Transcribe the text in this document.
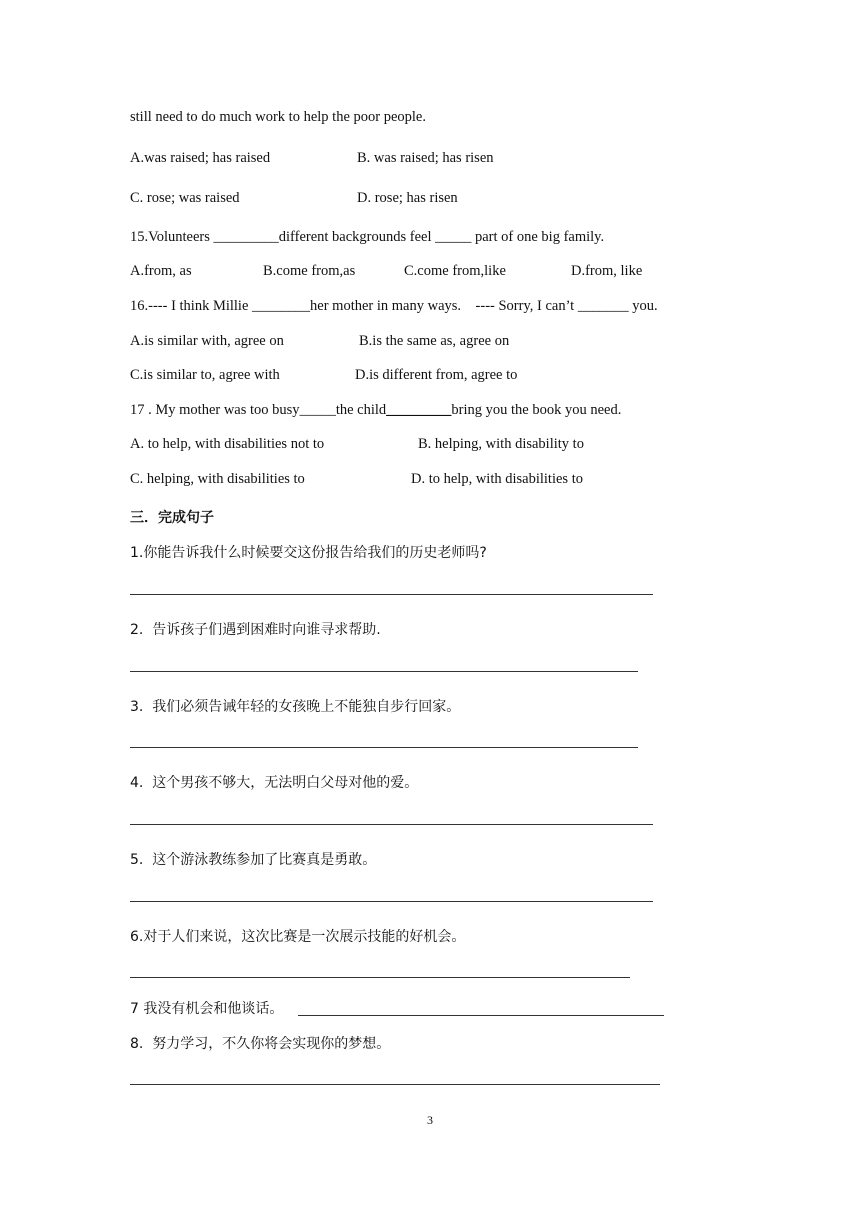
still need to do much work to help the poor people.
A.was raised; has raised	B. was raised; has risen
C. rose; was raised	D. rose; has risen
15.Volunteers _________different backgrounds feel _____ part of one big family.
A.from, as	B.come from,as	C.come from,like	D.from, like
16.---- I think Millie ________her mother in many ways.    ---- Sorry, I can’t _______ you.
A.is similar with, agree on	B.is the same as, agree on
C.is similar to, agree with	D.is different from, agree to
17 . My mother was too busy_____the child_________bring you the book you need.
A. to help, with disabilities not to	B. helping, with disability to
C. helping, with disabilities to	D. to help, with disabilities to
三．完成句子
1.你能告诉我什么时候要交这份报告给我们的历史老师吗?
2.  告诉孩子们遇到困难时向谁寻求帮助.
3.  我们必须告诫年轻的女孩晚上不能独自步行回家。
4.  这个男孩不够大，无法明白父母对他的爱。
5.  这个游泳教练参加了比赛真是勇敢。
6.对于人们来说，这次比赛是一次展示技能的好机会。
7 我没有机会和他谈话。
8.  努力学习，不久你将会实现你的梦想。
3
